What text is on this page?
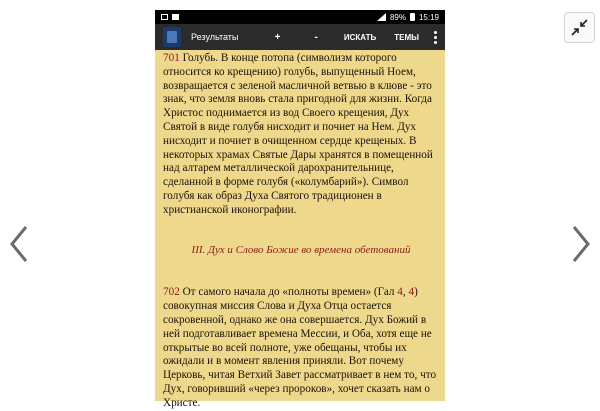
89% 15:19
Результаты	+	-	ИСКАТЬ	ТЕМЫ

701 Голубь. В конце потопа (символизм которого относится ко крещению) голубь, выпущенный Ноем, возвращается с зеленой масличной ветвью в клюве - это знак, что земля вновь стала пригодной для жизни. Когда Христос поднимается из вод Своего крещения, Дух Святой в виде голубя нисходит и почиет на Нем. Дух нисходит и почиет в очищенном сердце крещеных. В некоторых храмах Святые Дары хранятся в помещенной над алтарем металлической дарохранительнице, сделанной в форме голубя («колумбарий»). Символ голубя как образ Духа Святого традиционен в христианской иконографии.

III. Дух и Слово Божие во времена обетований

702 От самого начала до «полноты времен» (Гал 4, 4) совокупная миссия Слова и Духа Отца остается сокровенной, однако же она совершается. Дух Божий в ней подготавливает времена Мессии, и Оба, хотя еще не открытые во всей полноте, уже обещаны, чтобы их ожидали и в момент явления приняли. Вот почему Церковь, читая Ветхий Завет рассматривает в нем то, что Дух, говоривший «через пророков», хочет сказать нам о Христе.
